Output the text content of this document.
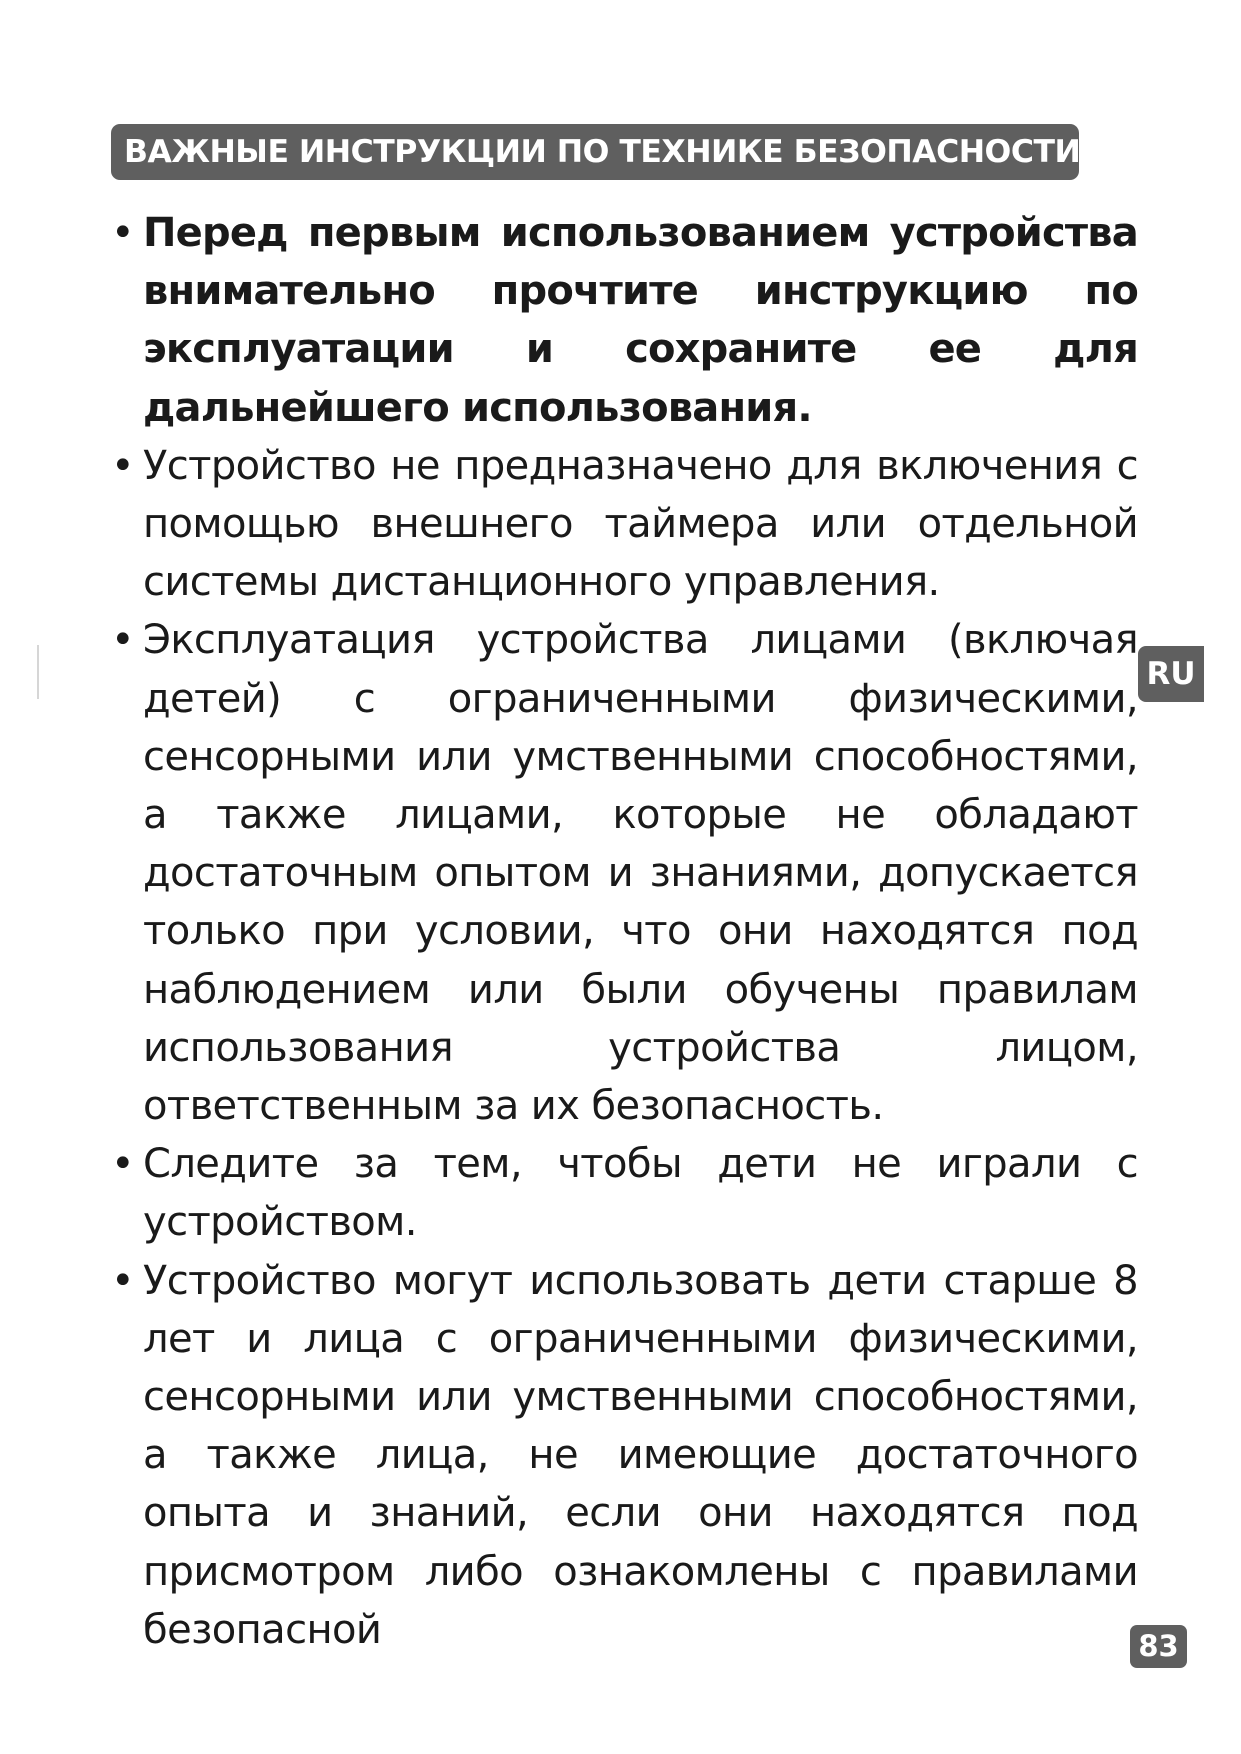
ВАЖНЫЕ ИНСТРУКЦИИ ПО ТЕХНИКЕ БЕЗОПАСНОСТИ
• Перед первым использованием устройства внимательно прочтите инструкцию по эксплуатации и сохраните ее для дальнейшего использования.
• Устройство не предназначено для включения с помощью внешнего таймера или отдельной системы дистанционного управления.
• Эксплуатация устройства лицами (включая детей) с ограниченными физическими, сенсорными или умственными способностями, а также лицами, которые не обладают достаточным опытом и знаниями, допускается только при условии, что они находятся под наблюдением или были обучены правилам использования устройства лицом, ответственным за их безопасность.
• Следите за тем, чтобы дети не играли с устройством.
• Устройство могут использовать дети старше 8 лет и лица с ограниченными физическими, сенсорными или умственными способностями, а также лица, не имеющие достаточного опыта и знаний, если они находятся под присмотром либо ознакомлены с правилами безопасной
RU
83
